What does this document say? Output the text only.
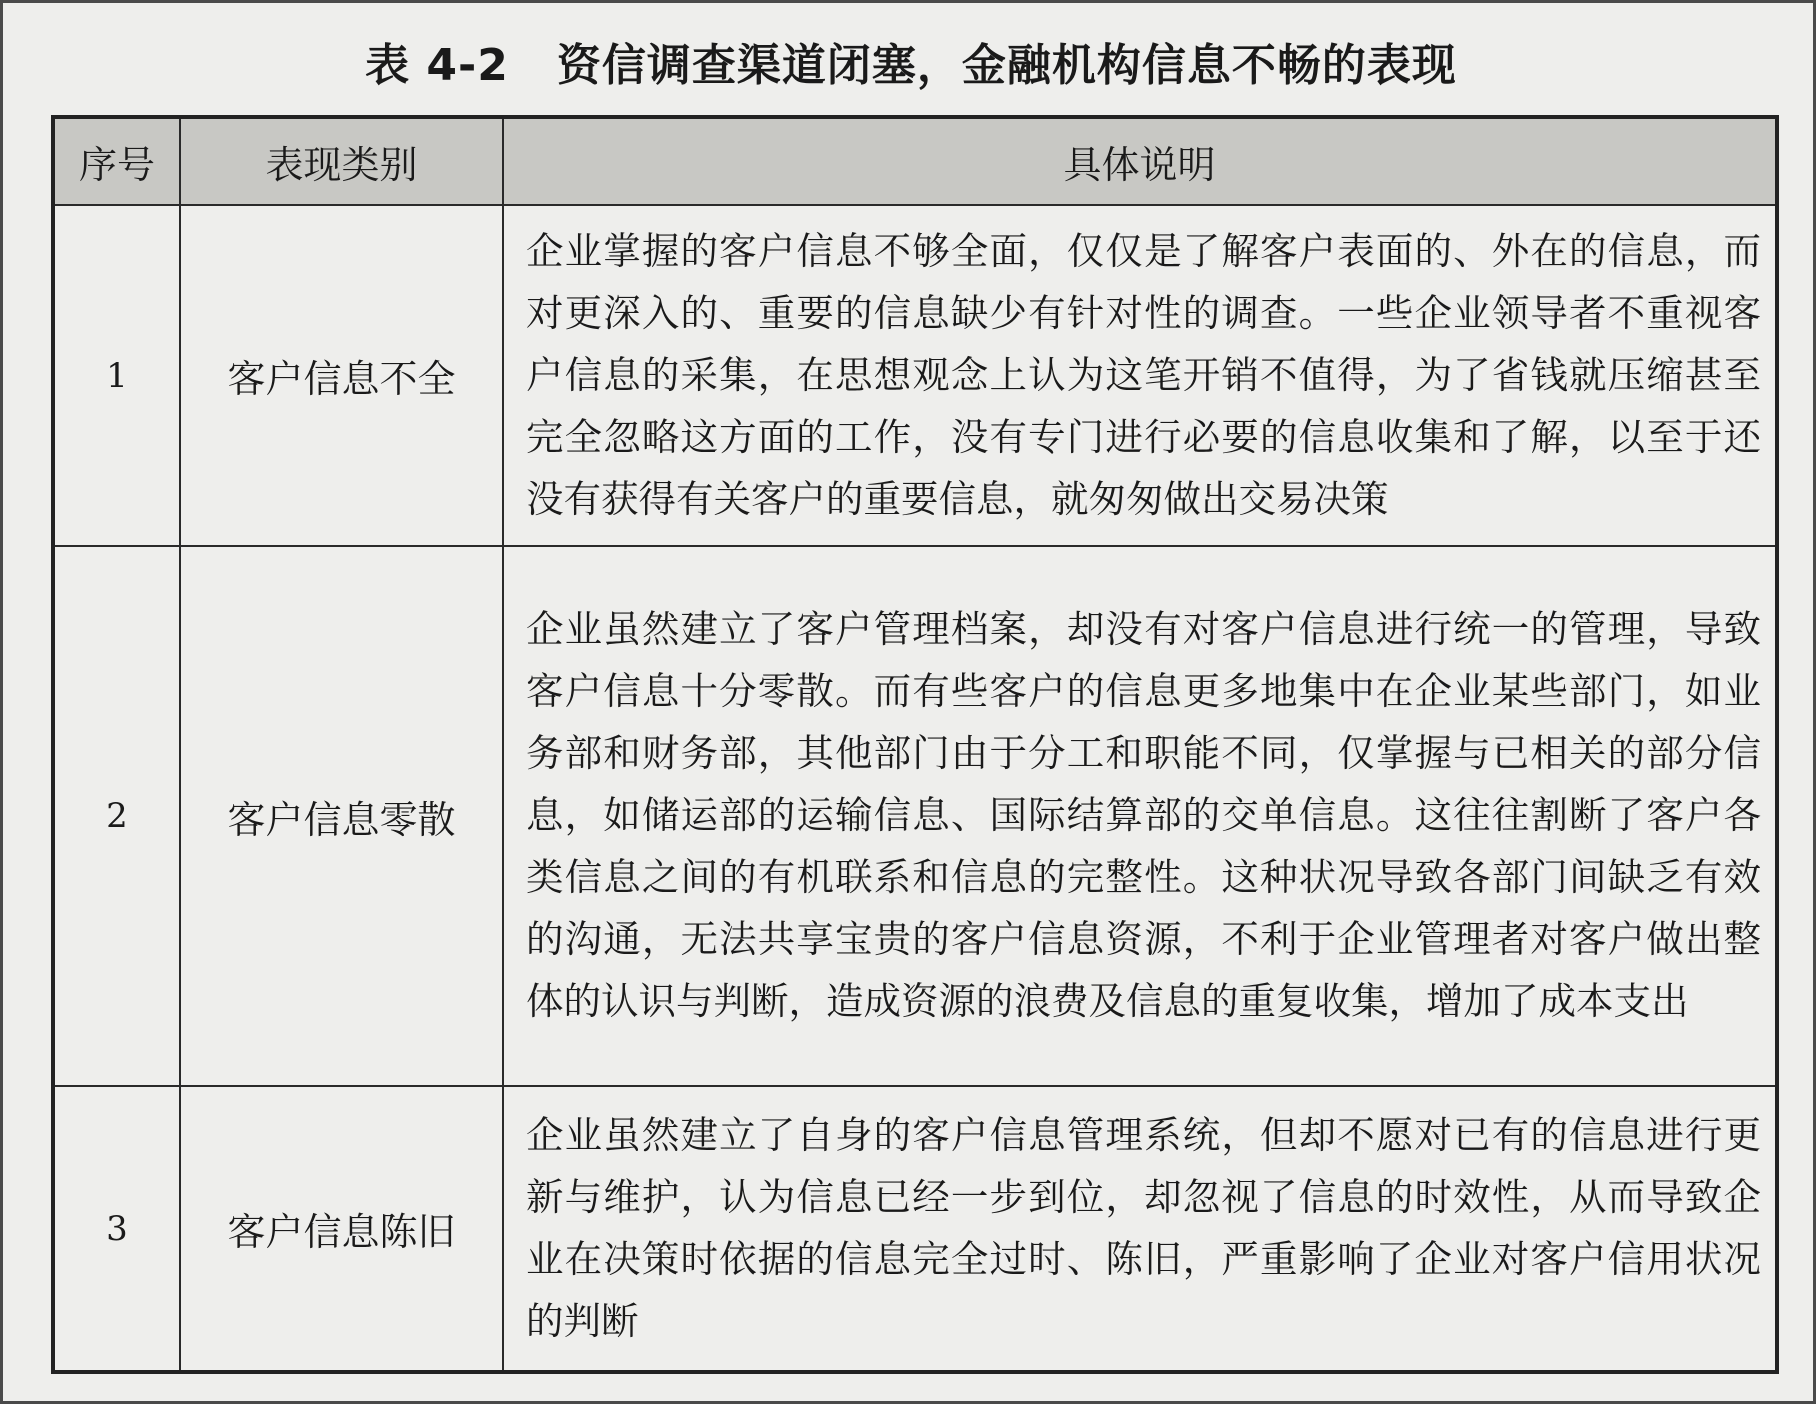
表 4-2 资信调查渠道闭塞，金融机构信息不畅的表现
序号	表现类别	具体说明
1	客户信息不全	企业掌握的客户信息不够全面，仅仅是了解客户表面的、外在的信息，而对更深入的、重要的信息缺少有针对性的调查。一些企业领导者不重视客户信息的采集，在思想观念上认为这笔开销不值得，为了省钱就压缩甚至完全忽略这方面的工作，没有专门进行必要的信息收集和了解，以至于还没有获得有关客户的重要信息，就匆匆做出交易决策
2	客户信息零散	企业虽然建立了客户管理档案，却没有对客户信息进行统一的管理，导致客户信息十分零散。而有些客户的信息更多地集中在企业某些部门，如业务部和财务部，其他部门由于分工和职能不同，仅掌握与已相关的部分信息，如储运部的运输信息、国际结算部的交单信息。这往往割断了客户各类信息之间的有机联系和信息的完整性。这种状况导致各部门间缺乏有效的沟通，无法共享宝贵的客户信息资源，不利于企业管理者对客户做出整体的认识与判断，造成资源的浪费及信息的重复收集，增加了成本支出
3	客户信息陈旧	企业虽然建立了自身的客户信息管理系统，但却不愿对已有的信息进行更新与维护，认为信息已经一步到位，却忽视了信息的时效性，从而导致企业在决策时依据的信息完全过时、陈旧，严重影响了企业对客户信用状况的判断
